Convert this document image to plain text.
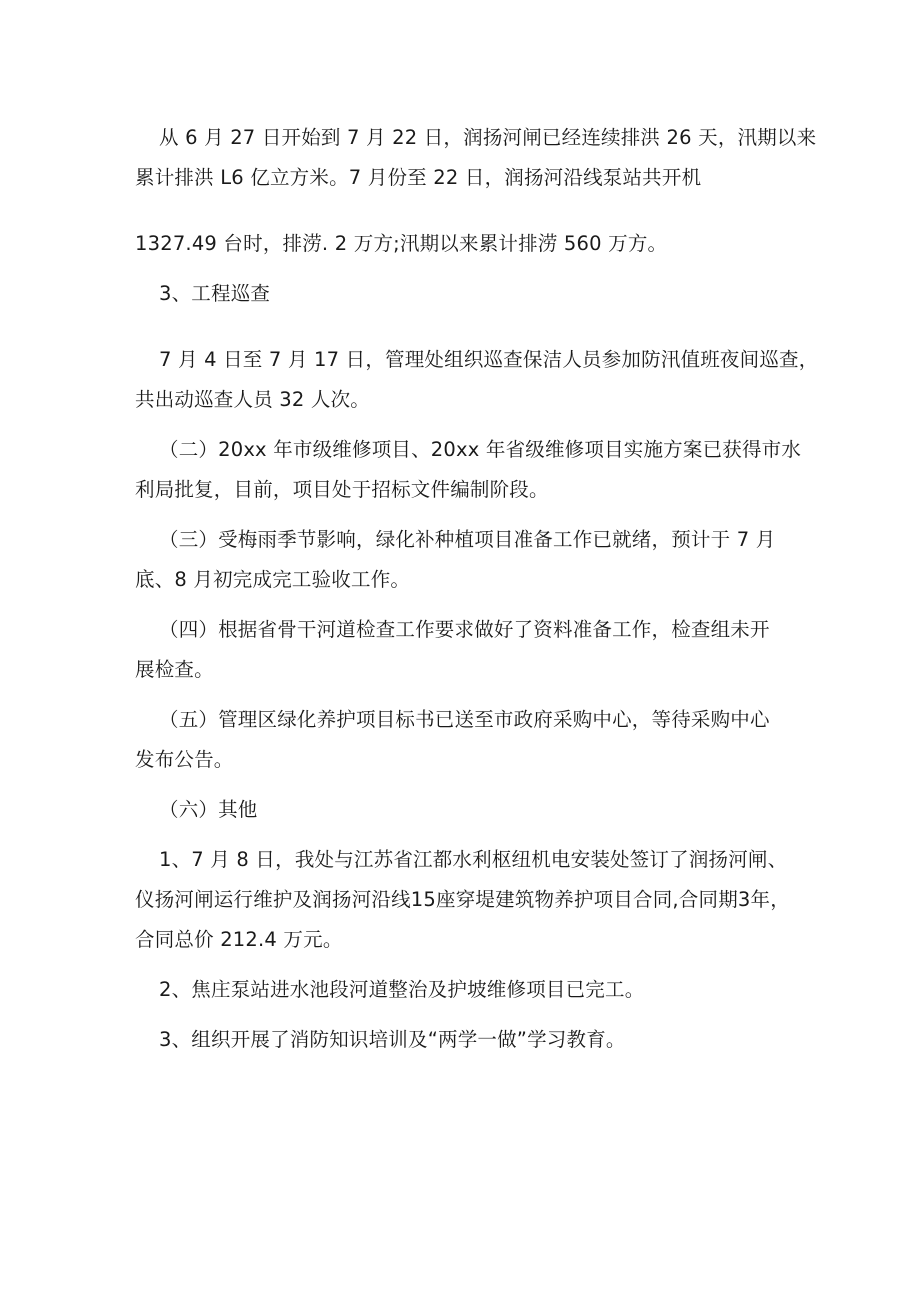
从 6 月 27 日开始到 7 月 22 日，润扬河闸已经连续排洪 26 天，汛期以来

累计排洪 L6 亿立方米。7 月份至 22 日，润扬河沿线泵站共开机

1327.49 台时，排涝. 2 万方;汛期以来累计排涝 560 万方。

3、工程巡查

7 月 4 日至 7 月 17 日，管理处组织巡查保洁人员参加防汛值班夜间巡查，

共出动巡查人员 32 人次。

（二）20xx 年市级维修项目、20xx 年省级维修项目实施方案已获得市水

利局批复，目前，项目处于招标文件编制阶段。

（三）受梅雨季节影响，绿化补种植项目准备工作已就绪，预计于 7 月

底、8 月初完成完工验收工作。

（四）根据省骨干河道检查工作要求做好了资料准备工作，检查组未开

展检查。

（五）管理区绿化养护项目标书已送至市政府采购中心，等待采购中心

发布公告。

（六）其他

1、7 月 8 日，我处与江苏省江都水利枢纽机电安装处签订了润扬河闸、

仪扬河闸运行维护及润扬河沿线15座穿堤建筑物养护项目合同,合同期3年，

合同总价 212.4 万元。

2、焦庄泵站进水池段河道整治及护坡维修项目已完工。

3、组织开展了消防知识培训及“两学一做”学习教育。
